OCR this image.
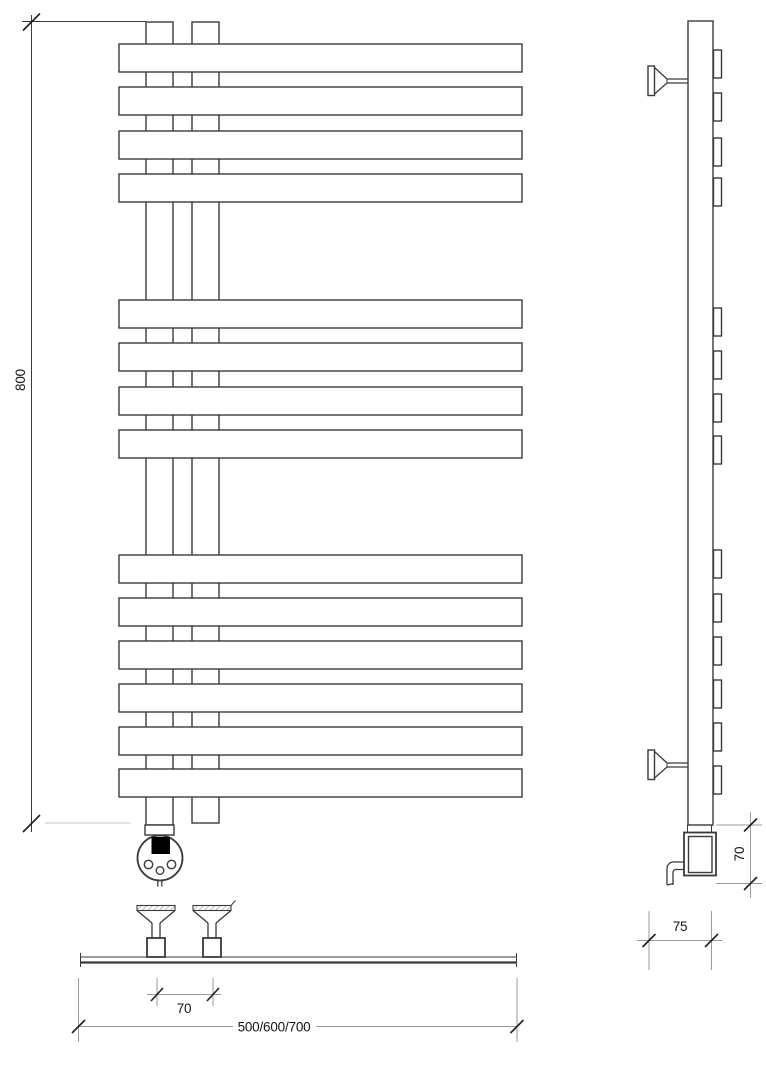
800
70
500/600/700
70
75
